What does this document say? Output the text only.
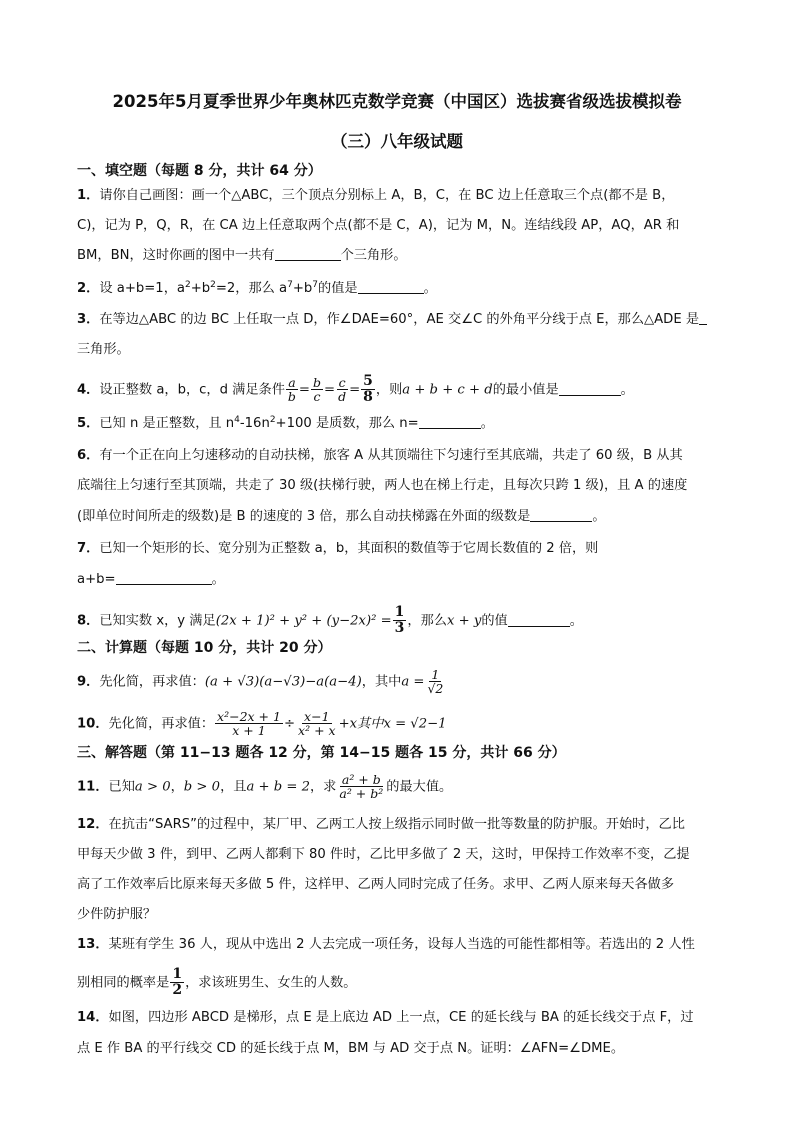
2025年5月夏季世界少年奥林匹克数学竞赛（中国区）选拔赛省级选拔模拟卷
（三）八年级试题
一、填空题（每题 8 分，共计 64 分）
1．请你自己画图：画一个△ABC，三个顶点分别标上 A，B，C，在 BC 边上任意取三个点(都不是 B，
C)，记为 P，Q，R，在 CA 边上任意取两个点(都不是 C，A)，记为 M，N。连结线段 AP，AQ，AR 和
BM，BN，这时你画的图中一共有	个三角形。
2．设 a+b=1，$a^2+b^2=2$，那么 $a^7+b^7$的值是	。
3．在等边△ABC 的边 BC 上任取一点 D，作∠DAE=60°，AE 交∠C 的外角平分线于点 E，那么△ADE 是
三角形。
4．设正整数 a，b，c，d 满足条件 $\frac{a}{b} = \frac{b}{c} = \frac{c}{d} = \frac{5}{8}$ ，则a + b + c + d的最小值是	。
5．已知 n 是正整数，且 $n^4-16n^2+100$ 是质数，那么 n=	。
6．有一个正在向上匀速移动的自动扶梯，旅客 A 从其顶端往下匀速行至其底端，共走了 60 级，B 从其
底端往上匀速行至其顶端，共走了 30 级(扶梯行驶，两人也在梯上行走，且每次只跨 1 级)，且 A 的速度
(即单位时间所走的级数)是 B 的速度的 3 倍，那么自动扶梯露在外面的级数是	。
7．已知一个矩形的长、宽分别为正整数 a，b，其面积的数值等于它周长数值的 2 倍，则
a+b=	。
8．已知实数 x，y 满足$(2x + 1)^2 + y^2 + (y-2x)^2 = \frac{1}{3}$ ，那么x + y的值	。
二、计算题（每题 10 分，共计 20 分）
9．先化简，再求值：(a + √3)(a−√3)−a(a−4)，其中$a = \frac{1}{√2}$
10．先化简，再求值： $\frac{\text{x²−2x + 1}}{x + 1} \div \frac{x-1}{\text{x² + x}} +x$其中x = √2−1
三、解答题（第 11−13 题各 12 分，第 14−15 题各 15 分，共计 66 分）
11．已知a > 0，b > 0，且a + b = 2，求 $\frac{\text{a² + b}}{\text{a² + b²}}$ 的最大值。
12．在抗击“SARS”的过程中，某厂甲、乙两工人按上级指示同时做一批等数量的防护服。开始时，乙比
甲每天少做 3 件，到甲、乙两人都剩下 80 件时，乙比甲多做了 2 天，这时，甲保持工作效率不变，乙提
高了工作效率后比原来每天多做 5 件，这样甲、乙两人同时完成了任务。求甲、乙两人原来每天各做多
少件防护服？
13．某班有学生 36 人，现从中选出 2 人去完成一项任务，设每人当选的可能性都相等。若选出的 2 人性
别相同的概率是 $\frac{1}{2}$ ，求该班男生、女生的人数。
14．如图，四边形 ABCD 是梯形，点 E 是上底边 AD 上一点，CE 的延长线与 BA 的延长线交于点 F，过
点 E 作 BA 的平行线交 CD 的延长线于点 M，BM 与 AD 交于点 N。证明：∠AFN=∠DME。
